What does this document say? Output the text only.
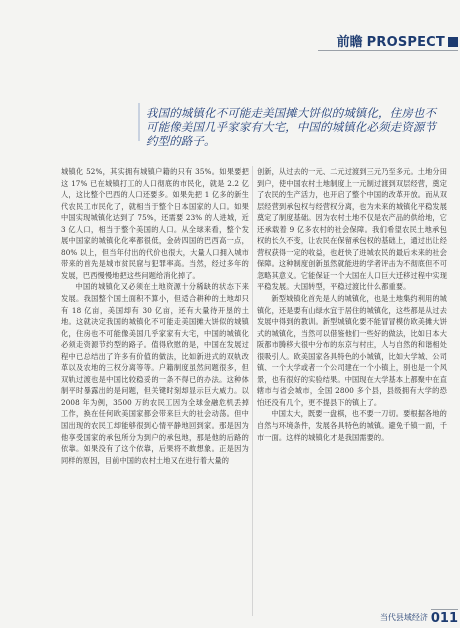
前瞻 PROSPECT
我国的城镇化不可能走美国摊大饼似的城镇化，住房也不可能像美国几乎家家有大宅，中国的城镇化必须走资源节约型的路子。

城镇化 52%，其实拥有城镇户籍的只有 35%。如果要把这 17% 已在城镇打工的人口彻底的市民化，就是 2.2 亿人，这比整个巴西的人口还要多。如果先把 1 亿多的新生代农民工市民化了，就相当于整个日本国家的人口。如果中国实现城镇化达到了 75%，还需要 23% 的人进城，近 3 亿人口，相当于整个美国的人口。从全球来看，整个发展中国家的城镇化化率都很低，金砖四国的巴西高一点，80% 以上，但当年付出的代价也很大，大量人口拥入城市带来的首先是城市贫民窟与犯罪率高。当然，经过多年的发展，巴西慢慢地把这些问题给消化掉了。

中国的城镇化又必须在土地资源十分稀缺的状态下来发展。我国整个国土面积不算小，但适合耕种的土地却只有 18 亿亩，美国却有 30 亿亩，还有大量待开垦的土地。这就决定我国的城镇化不可能走美国摊大饼似的城镇化，住房也不可能像美国几乎家家有大宅，中国的城镇化必须走资源节约型的路子。值得欣慰的是，中国在发展过程中已总结出了许多有价值的做法，比如新进式的双轨改革以及农地的三权分离等等。户籍制度虽然问题很多，但双轨过渡也是中国比较稳妥的一条不得已的办法。这种体制平时暴露出的是问题，但关键时刻却显示巨大威力。以 2008 年为例，3500 万的农民工因为全球金融危机丢掉工作，换在任何欧美国家都会带来巨大的社会动荡。但中国出现的农民工却能够很到心情平静地回到家。那是因为他享受国家的承包所分为到户的承包地，那是他的后路的依靠。如果没有了这个依靠，后果将不敢想象。正是因为同样的原因，目前中国的农村土地又在进行着大量的

创新，从过去的一元、二元过渡到三元乃至多元。土地分田到户，使中国农村土地制度上一元制过渡到双层经营，奠定了农民的生产活力，也开启了整个中国的改革开放。而从双层经营到承包权与经营权分离，也为未来的城镇化平稳发展奠定了制度基础。因为农村土地不仅是农产品的供给地，它还承载着 9 亿多农村的社会保障。我们希望农民土地承包权的长久不变，让农民在保留承包权的基础上，通过出让经营权获得一定的收益，也赶快了进城农民的最后未来的社会保障。这种制度创新虽然就能进的学者评击为不彻底但不可忽略其意义。它能保证一个大国在人口巨大迁移过程中实现平稳发展。大国转型，平稳过渡比什么都重要。

新型城镇化首先是人的城镇化，也是土地集约利用的城镇化，还是要有山绿水宜于居住的城镇化，这些都是从过去发展中得到的教训。新型城镇化要不能冒冒模仿欧美摊大饼式的城镇化，当然可以借鉴他们一些好的做法，比如日本大阪都市腾移大很中分布的东京与村庄，人与自然的和谐相处很吸引人。欧美国家各具特色的小城镇，比如大学城、公司镇、一个大学或者一个公司建在一个小镇上，别也是一个风景，也有很好的实验结果。中国现在大学基本上都聚中在直辖市与省会城市，全国 2800 多个县，县级拥有大学的恐怕还没有几个，更不提县下的镇上了。

中国太大，既要一盘棋，也不要一刀切。要根据各地的自然与环境条件，发展各具特色的城镇。避免千镇一面，千市一面。这样的城镇化才是我国需要的。

当代县域经济 011
